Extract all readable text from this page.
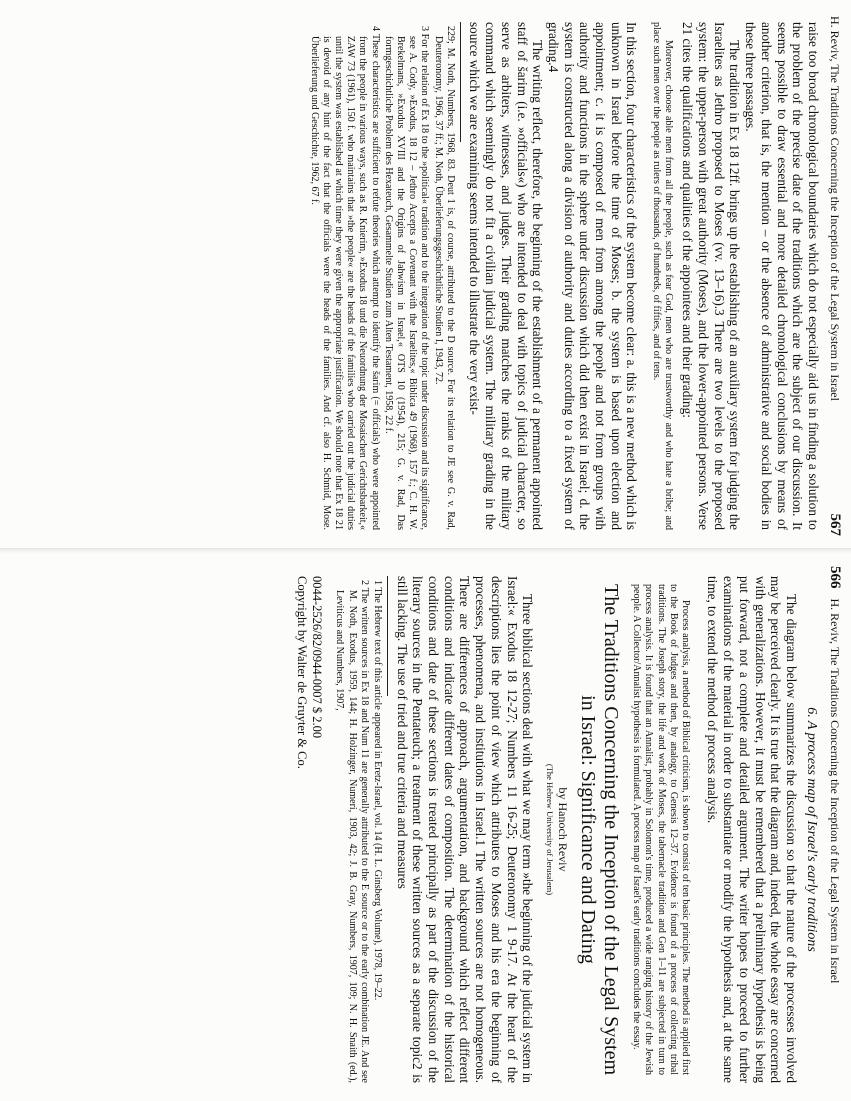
H. Reviv, The Traditions Concerning the Inception of the Legal System in Israel
567

raise too broad chronological boundaries which do not especially aid us in finding a solution to the problem of the precise date of the traditions which are the subject of our discussion. It seems possible to draw essential and more detailed chronological conclusions by means of another criterion, that is, the mention – or the absence of administrative and social bodies in these three passages.

The tradition in Ex 18 12ff. brings up the establishing of an auxiliary system for judging the Israelites as Jethro proposed to Moses (vv. 13–16).3 There are two levels to the proposed system: the upper-person with great authority (Moses), and the lower-appointed persons. Verse 21 cites the qualifications and qualities of the appointees and their grading:

Moreover, choose able men from all the people, such as fear God, men who are trustworthy and who hate a bribe; and place such men over the people as rulers of thousands, of hundreds, of fifties, and of tens.

In this section, four characteristics of the system become clear: a. this is a new method which is unknown in Israel before the time of Moses; b. the system is based upon election and appointment; c. it is composed of men from among the people and not from groups with authority and functions in the sphere under discussion which did then exist in Israel; d. the system is constructed along a division of authority and duties according to a fixed system of grading.4

The writing reflect, therefore, the beginning of the establishment of a permanent appointed staff of šarim (i.e. »officials«) who are intended to deal with topics of judicial character, so serve as arbiters, witnesses, and judges. Their grading matches the ranks of the military command which seemingly do not fit a civilian judicial system. The military grading in the source which we are examining seems intended to illustrate the very exist-

229; M. Noth, Numbers, 1968, 83. Deut 1 is, of course, attributed to the D source. For its relation to JE see G. v. Rad, Deuteronomy, 1966, 37 ff.; M. Noth, Überlieferungsgeschichtliche Studien I, 1943, 72.

3 For the relation of Ex 18 to the »political« tradition and to the integration of the topic under discussion and its significance, see A. Cody, »Exodus, 18 12 – Jethro Accepts a Covenant with the Israelites,« Biblica 49 (1968), 157 f.; C. H. W. Brekelmans, »Exodus XVIII and the Origins of Jahwism in Israel,« OTS 10 (1954), 215; G. v. Rad, Das formgeschichtliche Problem des Hexateuch, Gesammelte Studien zum Alten Testament, 1958, 22 f.

4 These characteristics are sufficient to refute theories which attempt to identify the šarim (= officials) who were appointed from the people in various ways, such as R. Knierim, »Exodus 18 und die Neuordnung der Mosaischen Gerichtsbarkeit,« ZAW 73 (1961), 150 f. who maintains that »the people« are the heads of the families who carried out the judicial duties until the system was established at which time they were given the appropriate justification. We should note that Ex 18 21 is devoid of any hint of the fact that the officials were the heads of the families. And cf. also H. Schmid, Mose. Überlieferung und Geschichte, 1962, 67 f.

566
H. Reviv, The Traditions Concerning the Inception of the Legal System in Israel

6. A process map of Israel's early traditions

The diagram below summarizes the discussion so that the nature of the processes involved may be perceived clearly. It is true that the diagram and, indeed, the whole essay are concerned with generalizations. However, it must be remembered that a preliminary hypothesis is being put forward, not a complete and detailed argument. The writer hopes to proceed to further examinations of the material in order to substantiate or modify the hypothesis and, at the same time, to extend the method of process analysis.

Process analysis, a method of Biblical criticism, is shown to consist of ten basic principles. The method is applied first to the Book of Judges and then, by analogy, to Genesis 12–37. Evidence is found of a process of collecting tribal traditions. The Joseph story, the life and work of Moses, the tabernacle tradition and Gen 1–11 are subjected in turn to process analysis. It is found that an Annalist, probably in Solomon's time, produced a wide ranging history of the Jewish people. A Collector/Annalist hypothesis is formulated. A process map of Israel's early traditions concludes the essay.

The Traditions Concerning the Inception of the Legal System in Israel: Significance and Dating

by Hanoch Reviv

(The Hebrew University of Jerusalem)

Three biblical sections deal with what we may term »the beginning of the judicial system in Israel:« Exodus 18 12-27; Numbers 11 16-25; Deuteronomy 1 9-17. At the heart of the descriptions lies the point of view which attributes to Moses and his era the beginning of processes, phenomena, and institutions in Israel.1 The written sources are not homogeneous. There are differences of approach, argumentation, and background which reflect different conditions and indicate different dates of composition. The determination of the historical conditions and date of these sections is treated principally as part of the discussion of the literary sources in the Pentateuch; a treatment of these written sources as a separate topic2 is still lacking. The use of tried and true criteria and measures

1 The Hebrew text of this article appeared in Eretz-Israel, vol. 14 (H. L. Ginsberg Volume), 1978, 19–22.

2 The written sources in Ex 18 and Num 11 are generally attributed to the E source or to the early combination JE. And see M. Noth, Exodus, 1959, 144; H. Holzinger, Numeri, 1903, 42; J. B. Gray, Numbers, 1907, 109; N. H. Snaith (ed.), Leviticus and Numbers, 1907,

0044-2526/82/0944-0007 $ 2.00

Copyright by Walter de Gruyter & Co.
